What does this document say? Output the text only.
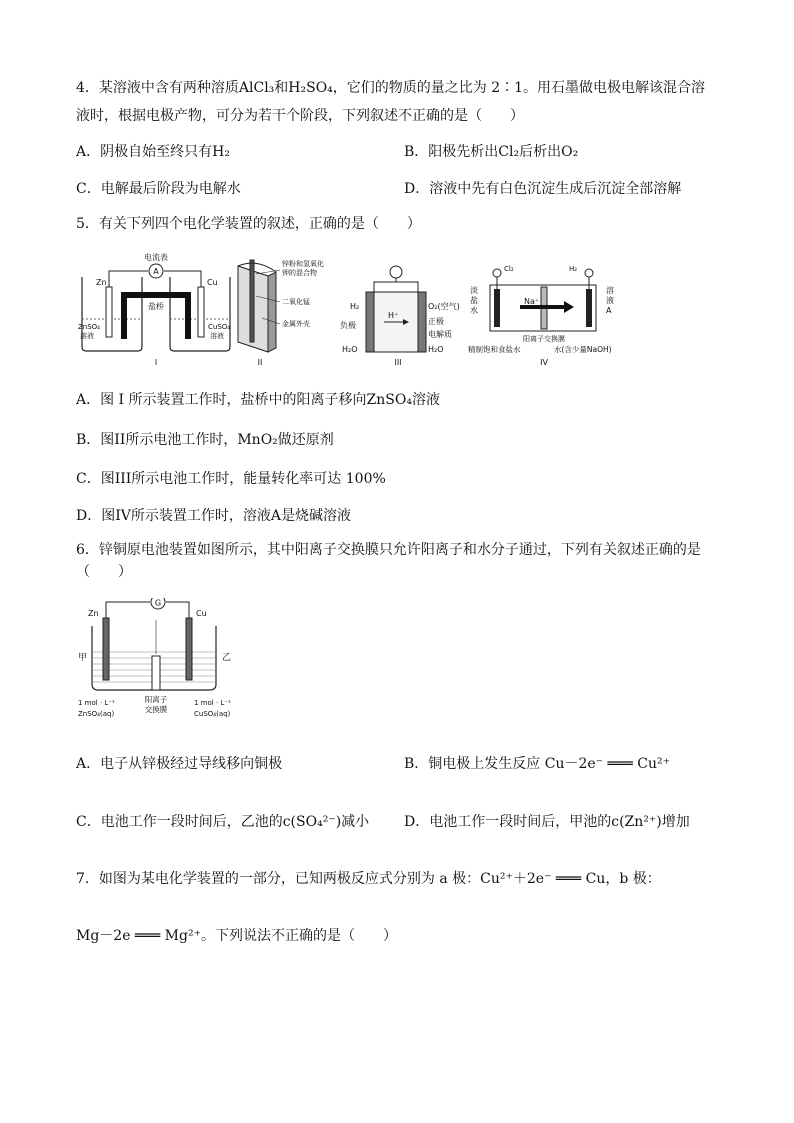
4．某溶液中含有两种溶质AlCl₃和H₂SO₄，它们的物质的量之比为 2∶1。用石墨做电极电解该混合溶
液时，根据电极产物，可分为若干个阶段，下列叙述不正确的是（　　）
A．阴极自始至终只有H₂	B．阳极先析出Cl₂后析出O₂
C．电解最后阶段为电解水	D．溶液中先有白色沉淀生成后沉淀全部溶解
5．有关下列四个电化学装置的叙述，正确的是（　　）
A
电流表
Zn	Cu
盐桥
ZnSO₄
溶液
CuSO₄
溶液
I
锌粉和氢氧化
钾的混合物
二氧化锰
金属外壳
II
H₂	O₂(空气)
负极	正极
H⁺
电解质
H₂O	H₂O
III
Cl₂	H₂
淡
盐
水
Na⁺
溶
液
A
阳离子交换膜
精制饱和食盐水	水(含少量NaOH)
IV
A．图 I 所示装置工作时，盐桥中的阳离子移向ZnSO₄溶液
B．图II所示电池工作时，MnO₂做还原剂
C．图III所示电池工作时，能量转化率可达 100%
D．图IV所示装置工作时，溶液A是烧碱溶液
6．锌铜原电池装置如图所示，其中阳离子交换膜只允许阳离子和水分子通过，下列有关叙述正确的是
（　　）
G
Zn	Cu
甲	乙
阳离子
交换膜
1 mol · L⁻¹
ZnSO₄(aq)
1 mol · L⁻¹
CuSO₄(aq)
A．电子从锌极经过导线移向铜极	B．铜电极上发生反应 Cu－2e⁻ ═══ Cu²⁺
C．电池工作一段时间后，乙池的c(SO₄²⁻)减小 D．电池工作一段时间后，甲池的c(Zn²⁺)增加
7．如图为某电化学装置的一部分，已知两极反应式分别为 a 极：Cu²⁺＋2e⁻ ═══ Cu，b 极：
Mg－2e ═══ Mg²⁺。下列说法不正确的是（　　）
